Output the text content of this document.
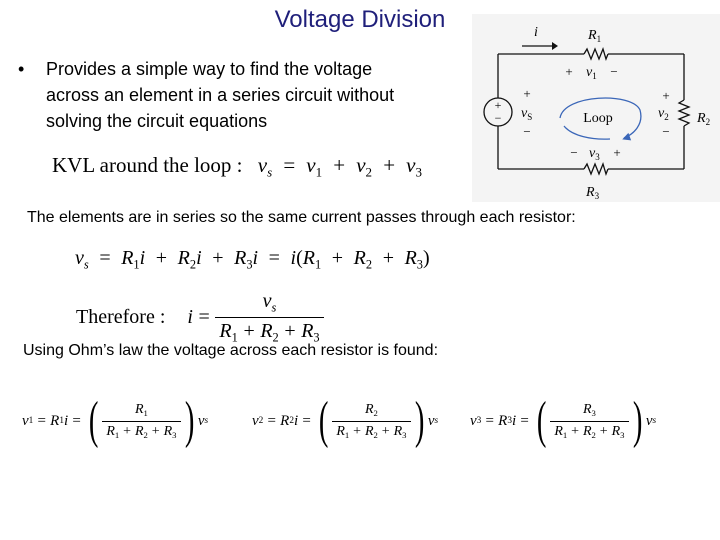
Voltage Division
• Provides a simple way to find the voltage across an element in a series circuit without solving the circuit equations
KVL around the loop : $v_s = v_1 + v_2 + v_3$
The elements are in series so the same current passes through each resistor:
$v_s = R_1i + R_2i + R_3i = i(R_1 + R_2 + R_3)$
Therefore : $i = \frac{v_s}{R_1 + R_2 + R_3}$
Using Ohm’s law the voltage across each resistor is found:
v 1 = R 1 i = ( $\frac{R_1}{R_1 + R_2 + R_3}$ ) v s	v 2 = R 2 i = ( $\frac{R_2}{R_1 + R_2 + R_3}$ ) v s v 3 = R 3 i = ( $\frac{R_3}{R_1 + R_2 + R_3}$ ) v s
+
−
i	$R_1$
$R_3$
$R_2$
+ $v_1$ −
+
$v_2$
−
− $v_3$ +
+
$v_S$
−
Loop
